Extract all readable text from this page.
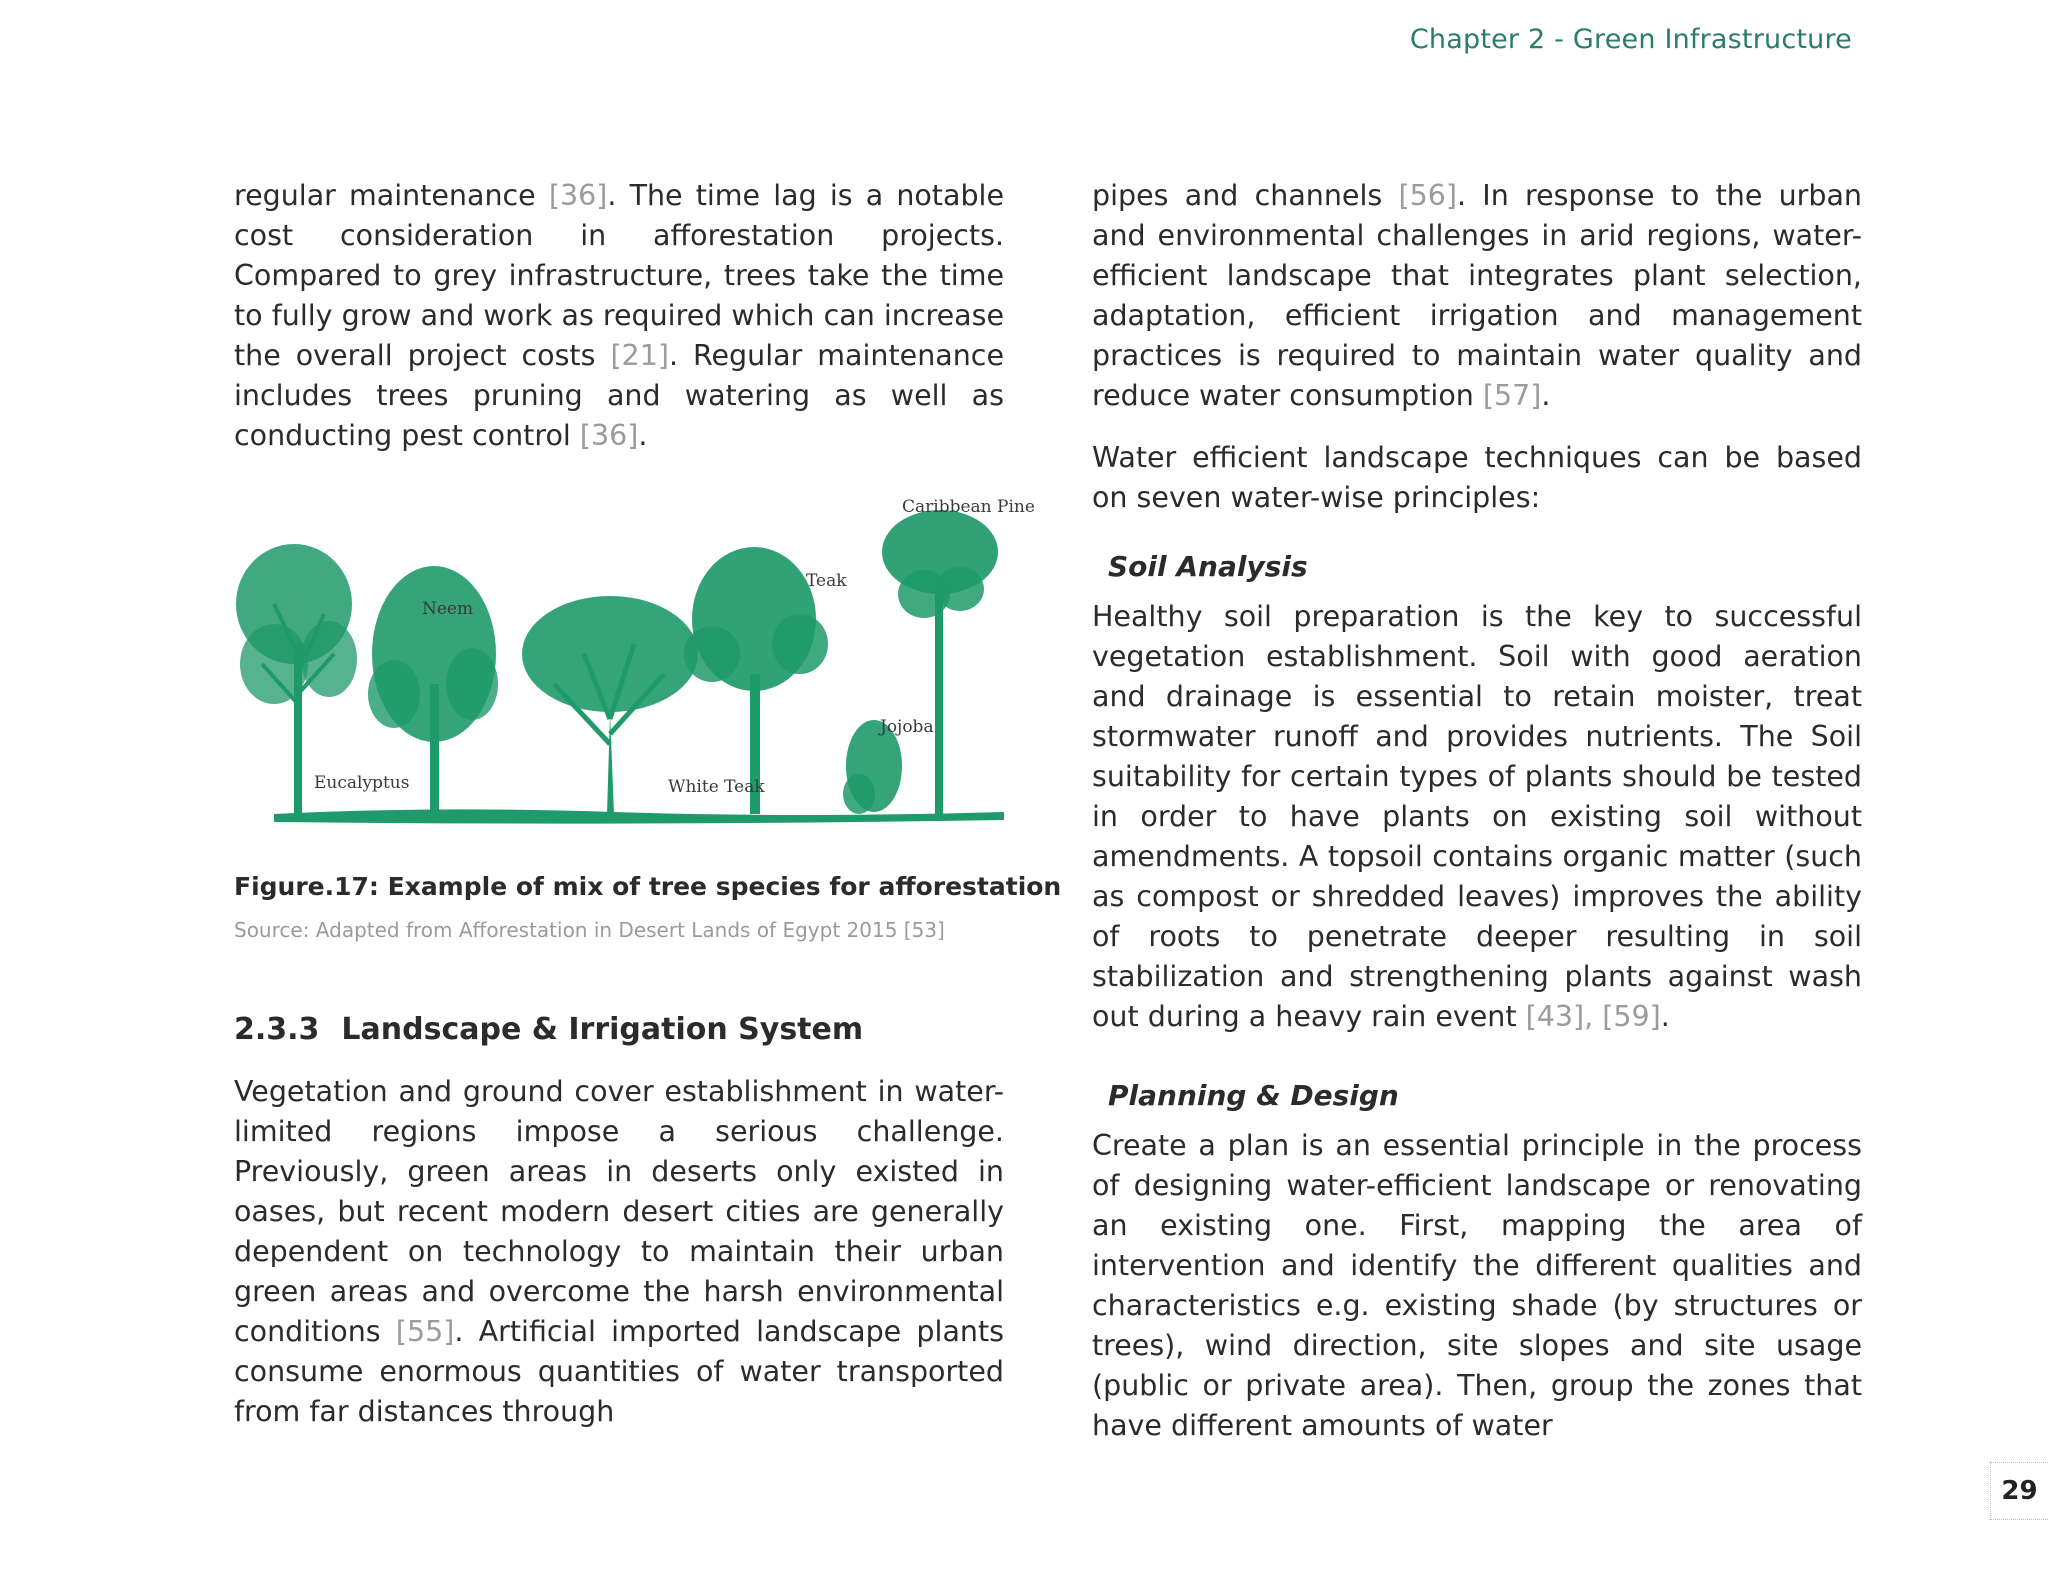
Chapter 2 - Green Infrastructure

regular maintenance [36]. The time lag is a notable cost consideration in afforestation projects. Compared to grey infrastructure, trees take the time to fully grow and work as required which can increase the overall project costs [21]. Regular maintenance includes trees pruning and watering as well as conducting pest control [36].

Eucalyptus
Neem
White Teak
Teak
Jojoba
Caribbean Pine
Figure.17: Example of mix of tree species for afforestation
Source: Adapted from Afforestation in Desert Lands of Egypt 2015 [53]
2.3.3 Landscape & Irrigation System

Vegetation and ground cover establishment in water-limited regions impose a serious challenge. Previously, green areas in deserts only existed in oases, but recent modern desert cities are generally dependent on technology to maintain their urban green areas and overcome the harsh environmental conditions [55]. Artificial imported landscape plants consume enormous quantities of water transported from far distances through

pipes and channels [56]. In response to the urban and environmental challenges in arid regions, water-efficient landscape that integrates plant selection, adaptation, efficient irrigation and management practices is required to maintain water quality and reduce water consumption [57].

Water efficient landscape techniques can be based on seven water-wise principles:

Soil Analysis

Healthy soil preparation is the key to successful vegetation establishment. Soil with good aeration and drainage is essential to retain moister, treat stormwater runoff and provides nutrients. The Soil suitability for certain types of plants should be tested in order to have plants on existing soil without amendments. A topsoil contains organic matter (such as compost or shredded leaves) improves the ability of roots to penetrate deeper resulting in soil stabilization and strengthening plants against wash out during a heavy rain event [43], [59].

Planning & Design

Create a plan is an essential principle in the process of designing water-efficient landscape or renovating an existing one. First, mapping the area of intervention and identify the different qualities and characteristics e.g. existing shade (by structures or trees), wind direction, site slopes and site usage (public or private area). Then, group the zones that have different amounts of water

29
